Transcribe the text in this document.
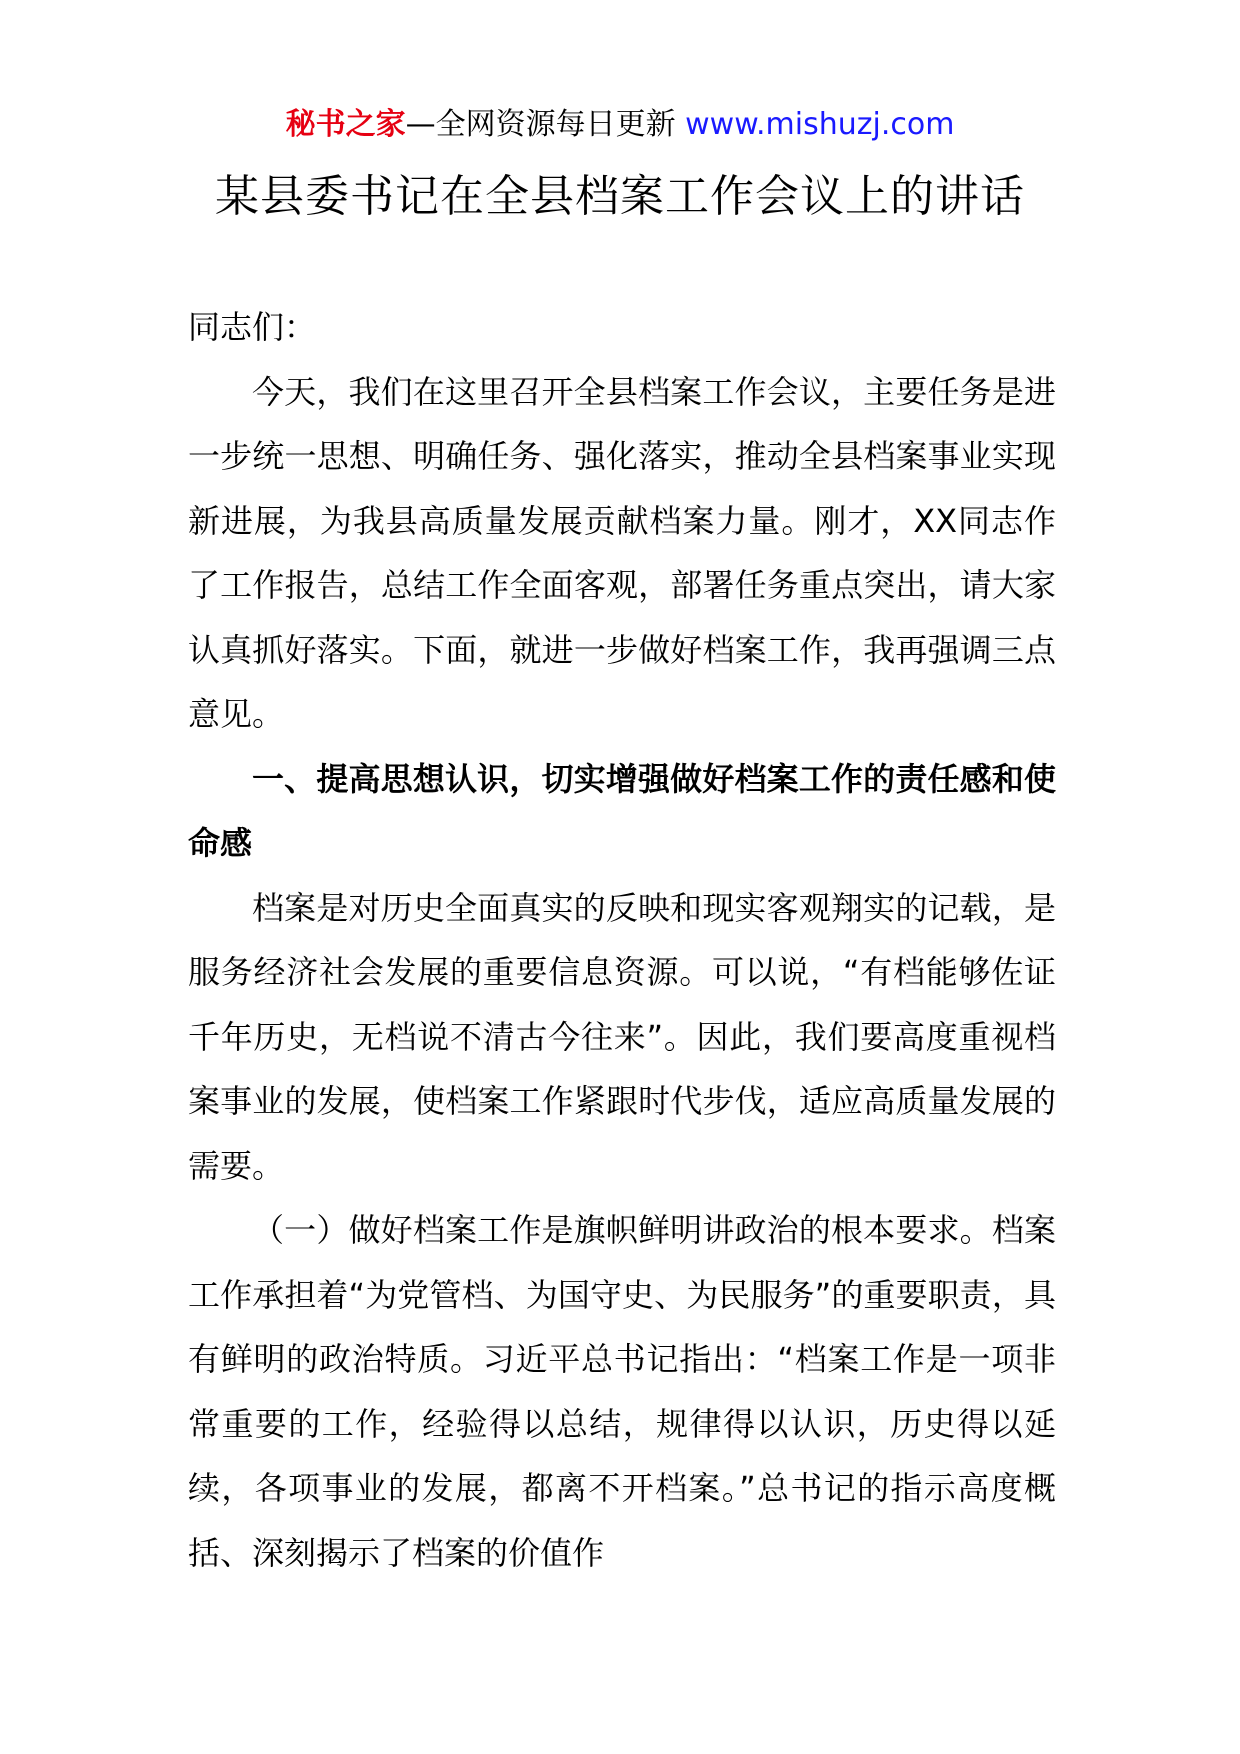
秘书之家—全网资源每日更新 www.mishuzj.com
某县委书记在全县档案工作会议上的讲话

同志们：

今天，我们在这里召开全县档案工作会议，主要任务是进一步统一思想、明确任务、强化落实，推动全县档案事业实现新进展，为我县高质量发展贡献档案力量。刚才，XX同志作了工作报告，总结工作全面客观，部署任务重点突出，请大家认真抓好落实。下面，就进一步做好档案工作，我再强调三点意见。

一、提高思想认识，切实增强做好档案工作的责任感和使命感

档案是对历史全面真实的反映和现实客观翔实的记载，是服务经济社会发展的重要信息资源。可以说，“有档能够佐证千年历史，无档说不清古今往来”。因此，我们要高度重视档案事业的发展，使档案工作紧跟时代步伐，适应高质量发展的需要。

（一）做好档案工作是旗帜鲜明讲政治的根本要求。档案工作承担着“为党管档、为国守史、为民服务”的重要职责，具有鲜明的政治特质。习近平总书记指出：“档案工作是一项非常重要的工作，经验得以总结，规律得以认识，历史得以延续，各项事业的发展，都离不开档案。”总书记的指示高度概括、深刻揭示了档案的价值作
